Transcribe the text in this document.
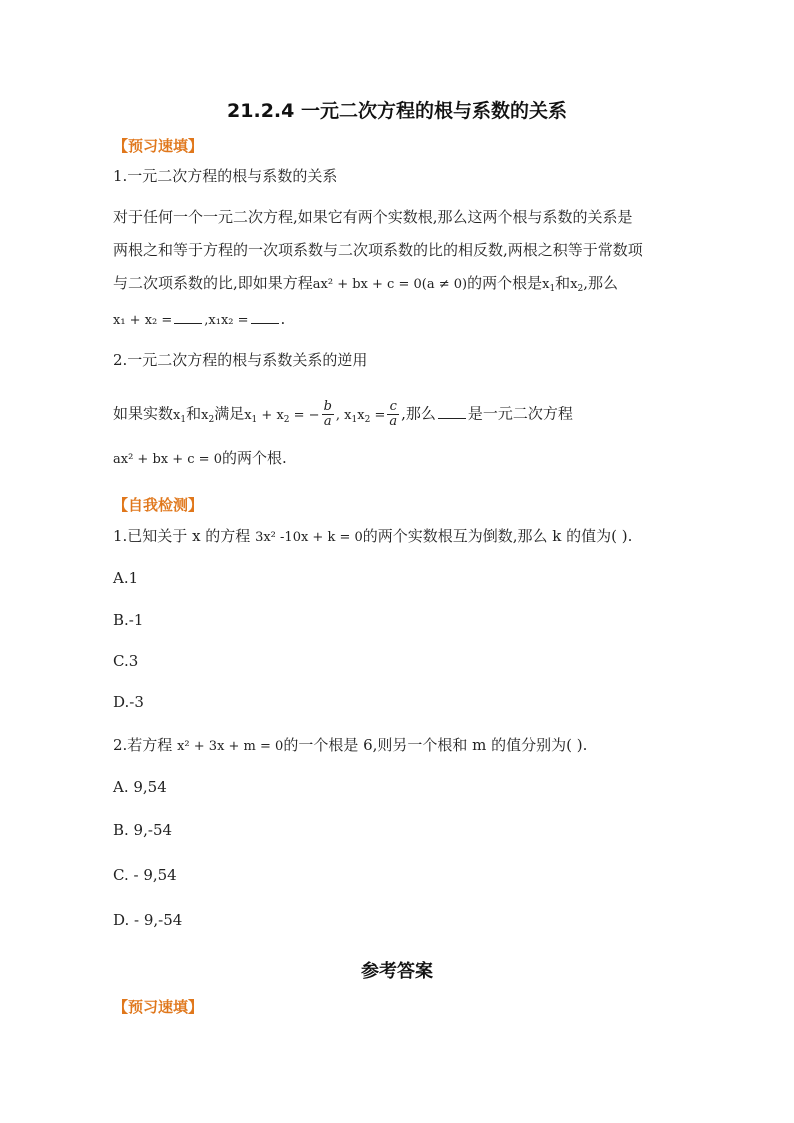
21.2.4 一元二次方程的根与系数的关系
【预习速填】
1.一元二次方程的根与系数的关系
对于任何一个一元二次方程,如果它有两个实数根,那么这两个根与系数的关系是
两根之和等于方程的一次项系数与二次项系数的比的相反数,两根之积等于常数项
与二次项系数的比,即如果方程ax² + bx + c = 0(a ≠ 0)的两个根是$x_1$和$x_2$,那么
x₁ + x₂ = ,x₁x₂ = .
2.一元二次方程的根与系数关系的逆用
如果实数$x_1$和$x_2$满足$x_1 + x_2$ = − $\frac{b}{a}$ , $x_1x_2 = \frac{c}{a}$ ,那么 是一元二次方程
ax² + bx + c = 0的两个根.
【自我检测】
1.已知关于 x 的方程 3x² -10x + k = 0的两个实数根互为倒数,那么 k 的值为( ).
A.1
B.-1
C.3
D.-3
2.若方程 x² + 3x + m = 0的一个根是 6,则另一个根和 m 的值分别为( ).
A. 9,54
B. 9,-54
C. - 9,54
D. - 9,-54
参考答案
【预习速填】
